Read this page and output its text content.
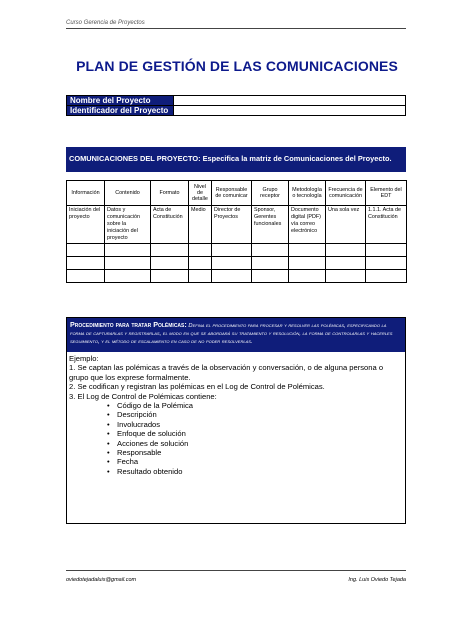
Curso Gerencia de Proyectos
PLAN DE GESTIÓN DE LAS COMUNICACIONES
Nombre del Proyecto	
Identificador del Proyecto	
COMUNICACIONES DEL PROYECTO: Especifica la matriz de Comunicaciones del Proyecto.
Información	Contenido	Formato	Nivel de detalle	Responsable de comunicar	Grupo receptor	Metodología o tecnología	Frecuencia de comunicación	Elemento del EDT
Iniciación del proyecto	Datos y comunicación sobre la iniciación del proyecto	Acta de Constitución	Medio	Director de Proyectos	Sponsor, Gerentes funcionales	Documento digital (PDF) vía correo electrónico	Una sola vez	1.1.1. Acta de Constitución

Procedimiento para tratar Polémicas: Defina el procedimiento para procesar y resolver las polémicas, especificando la forma de capturarlas y registrarlas, el modo en que se abordará su tratamiento y resolución, la forma de controlarlas y hacerles seguimiento, y el método de escalamiento en caso de no poder resolverlas.
Ejemplo:
1. Se captan las polémicas a través de la observación y conversación, o de alguna persona o grupo que los exprese formalmente.
2. Se codifican y registran las polémicas en el Log de Control de Polémicas.
3. El Log de Control de Polémicas contiene:
• Código de la Polémica
• Descripción
• Involucrados
• Enfoque de solución
• Acciones de solución
• Responsable
• Fecha
• Resultado obtenido
oviedotejadaluis@gmail.com	Ing. Luis Oviedo Tejada
